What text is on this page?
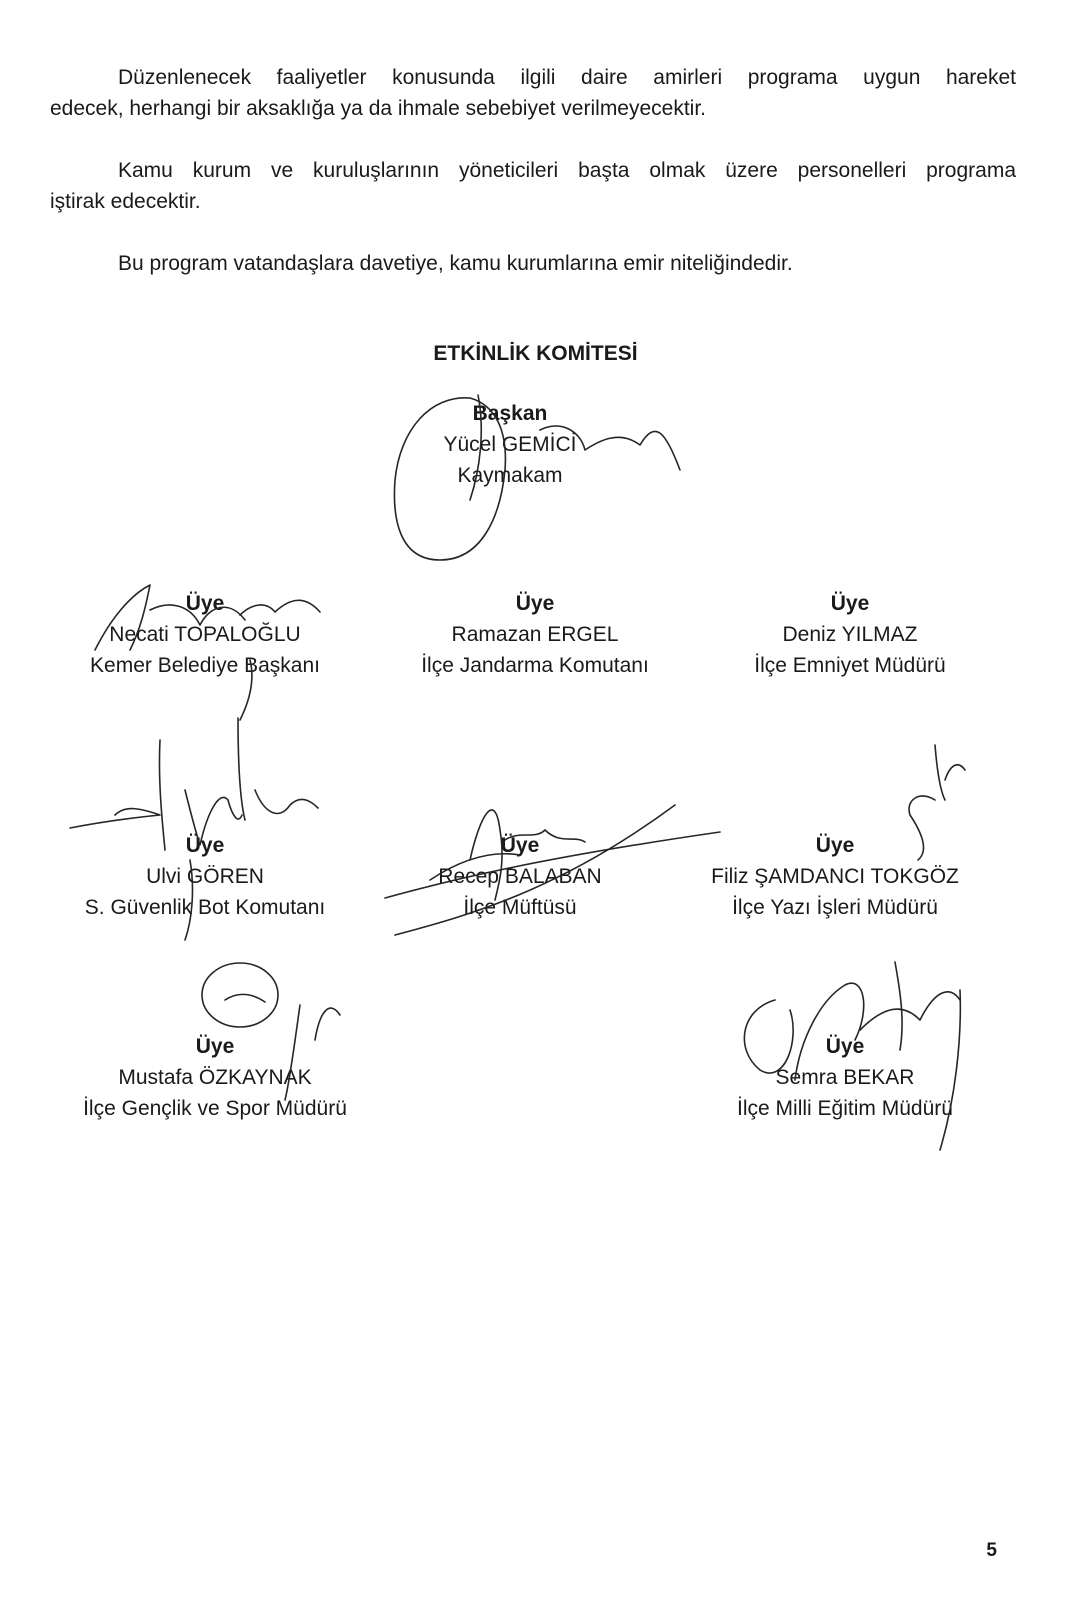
Düzenlenecek faaliyetler konusunda ilgili daire amirleri programa uygun hareket
edecek, herhangi bir aksaklığa ya da ihmale sebebiyet verilmeyecektir.
Kamu kurum ve kuruluşlarının yöneticileri başta olmak üzere personelleri programa
iştirak edecektir.
Bu program vatandaşlara davetiye, kamu kurumlarına emir niteliğindedir.
ETKİNLİK KOMİTESİ
Başkan
Yücel GEMİCİ
Kaymakam
Üye
Necati TOPALOĞLU
Kemer Belediye Başkanı
Üye
Ramazan ERGEL
İlçe Jandarma Komutanı
Üye
Deniz YILMAZ
İlçe Emniyet Müdürü
Üye
Ulvi GÖREN
S. Güvenlik Bot Komutanı
Üye
Recep BALABAN
İlçe Müftüsü
Üye
Filiz ŞAMDANCI TOKGÖZ
İlçe Yazı İşleri Müdürü
Üye
Mustafa ÖZKAYNAK
İlçe Gençlik ve Spor Müdürü
Üye
Semra BEKAR
İlçe Milli Eğitim Müdürü
5
